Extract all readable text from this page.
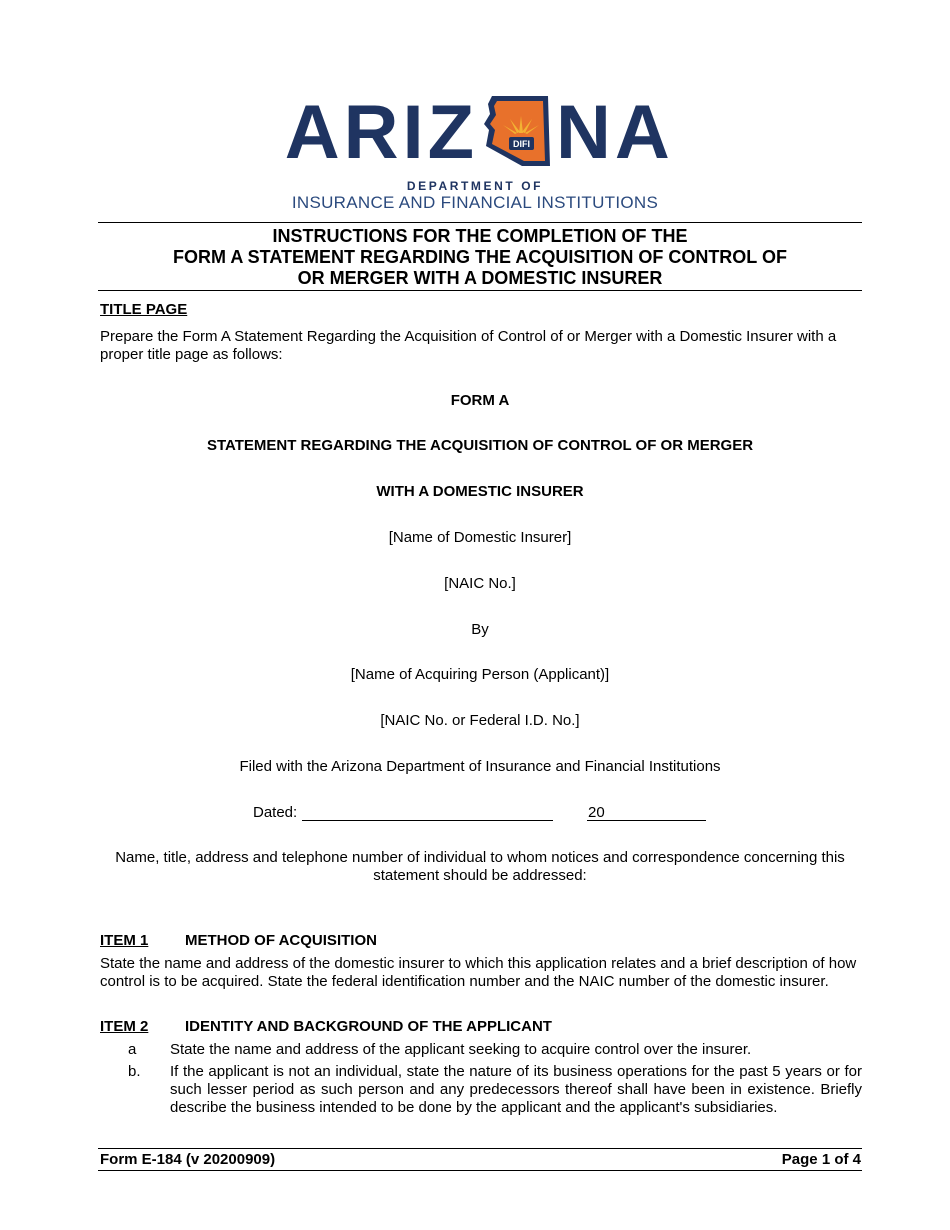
ARIZ	DIFI NA
DEPARTMENT OF
INSURANCE AND FINANCIAL INSTITUTIONS
INSTRUCTIONS FOR THE COMPLETION OF THE
FORM A STATEMENT REGARDING THE ACQUISITION OF CONTROL OF
OR MERGER WITH A DOMESTIC INSURER
TITLE PAGE
Prepare the Form A Statement Regarding the Acquisition of Control of or Merger with a Domestic Insurer with a proper title page as follows:
FORM A
STATEMENT REGARDING THE ACQUISITION OF CONTROL OF OR MERGER
WITH A DOMESTIC INSURER
[Name of Domestic Insurer]
[NAIC No.]
By
[Name of Acquiring Person (Applicant)]
[NAIC No. or Federal I.D. No.]
Filed with the Arizona Department of Insurance and Financial Institutions
Dated:	20
Name, title, address and telephone number of individual to whom notices and correspondence concerning this
statement should be addressed:
ITEM 1 METHOD OF ACQUISITION
State the name and address of the domestic insurer to which this application relates and a brief description of how control is to be acquired. State the federal identification number and the NAIC number of the domestic insurer.
ITEM 2 IDENTITY AND BACKGROUND OF THE APPLICANT
a State the name and address of the applicant seeking to acquire control over the insurer.
b. If the applicant is not an individual, state the nature of its business operations for the past 5 years or for such lesser period as such person and any predecessors thereof shall have been in existence. Briefly describe the business intended to be done by the applicant and the applicant's subsidiaries.
Form E-184 (v 20200909)	Page 1 of 4
